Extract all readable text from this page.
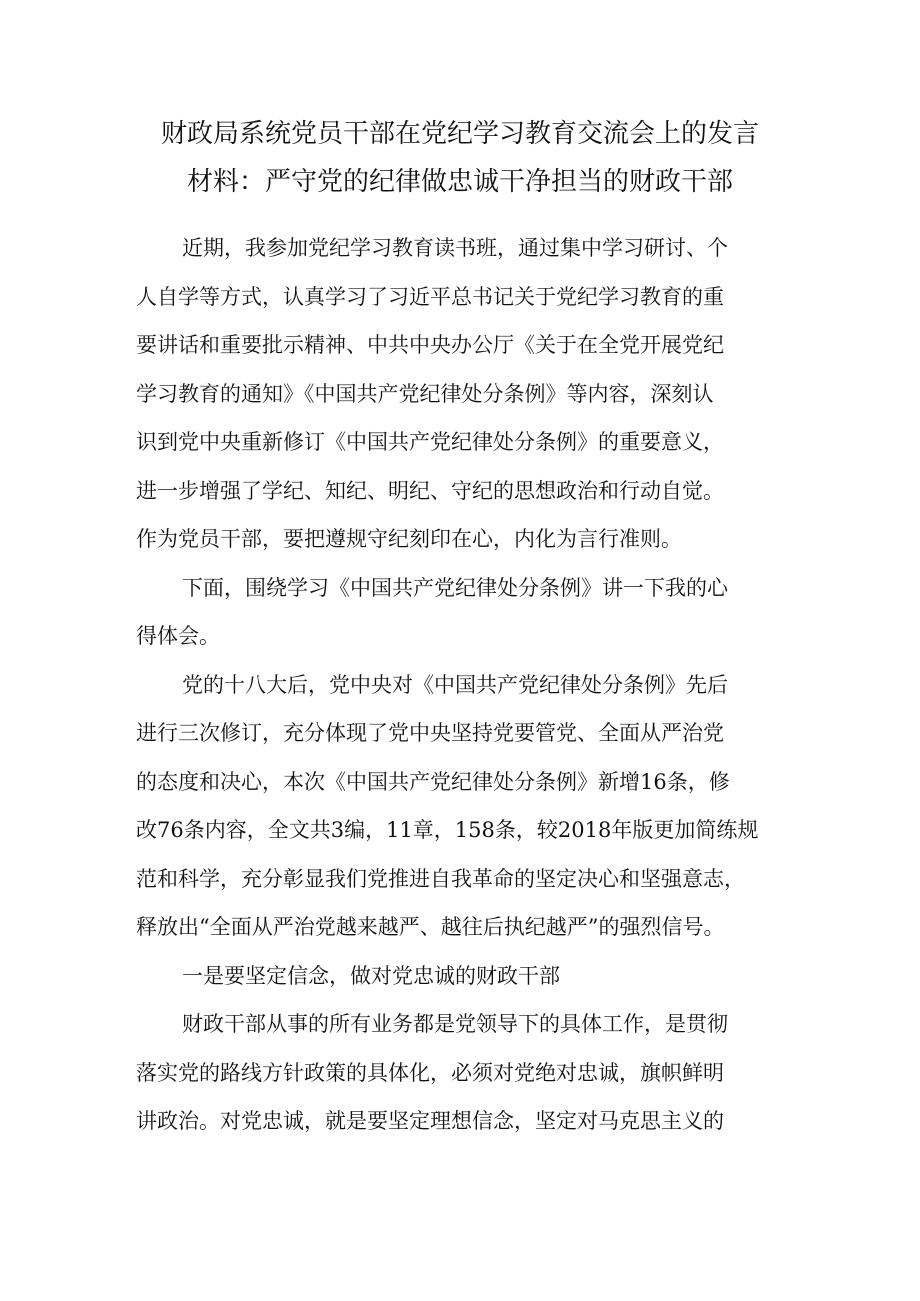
财政局系统党员干部在党纪学习教育交流会上的发言
材料：严守党的纪律做忠诚干净担当的财政干部
近期，我参加党纪学习教育读书班，通过集中学习研讨、个
人自学等方式，认真学习了习近平总书记关于党纪学习教育的重
要讲话和重要批示精神、中共中央办公厅《关于在全党开展党纪
学习教育的通知》《中国共产党纪律处分条例》等内容，深刻认
识到党中央重新修订《中国共产党纪律处分条例》的重要意义，
进一步增强了学纪、知纪、明纪、守纪的思想政治和行动自觉。
作为党员干部，要把遵规守纪刻印在心，内化为言行准则。
下面，围绕学习《中国共产党纪律处分条例》讲一下我的心
得体会。
党的十八大后，党中央对《中国共产党纪律处分条例》先后
进行三次修订，充分体现了党中央坚持党要管党、全面从严治党
的态度和决心，本次《中国共产党纪律处分条例》新增16条，修
改76条内容，全文共3编，11章，158条，较2018年版更加简练规
范和科学，充分彰显我们党推进自我革命的坚定决心和坚强意志，
释放出“全面从严治党越来越严、越往后执纪越严”的强烈信号。
一是要坚定信念，做对党忠诚的财政干部
财政干部从事的所有业务都是党领导下的具体工作，是贯彻
落实党的路线方针政策的具体化，必须对党绝对忠诚，旗帜鲜明
讲政治。对党忠诚，就是要坚定理想信念，坚定对马克思主义的
